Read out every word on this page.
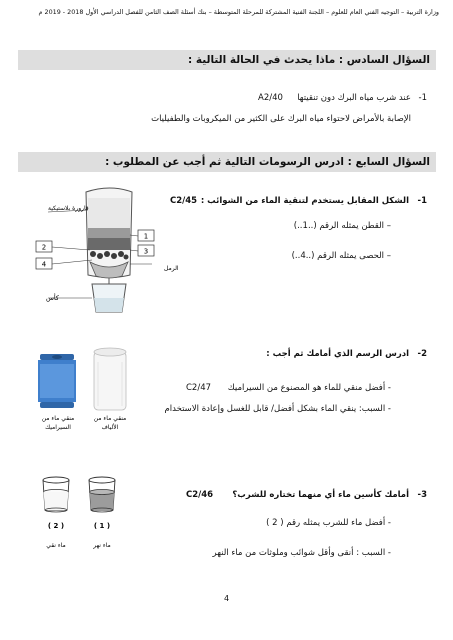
وزارة التربية – التوجيه الفني العام للعلوم – اللجنة الفنية المشتركة للمرحلة المتوسطة – بنك أسئلة الصف الثامن للفصل الدراسي الأول 2018 - 2019 م
السؤال السادس : ماذا يحدث في الحالة التالية :
1-
عند شرب مياه البرك دون تنقيتها
A2/40
الإصابة بالأمراض لاحتواء مياه البرك على الكثير من الميكروبات والطفيليات
السؤال السابع : ادرس الرسومات التالية ثم أجب عن المطلوب :
1-
الشكل المقابل يستخدم لتنقية الماء من الشوائب :
C2/45
– القطن يمثله الرقم (..1..)
– الحصى يمثله الرقم (..4..)
2
4
1
3
قارورة بلاستيكية
الرمل
كأس
2-
ادرس الرسم الذي أمامك ثم أجب :
- أفضل منقي للماء هو المصنوع من السيراميك
C2/47
- السبب: ينقي الماء بشكل أفضل/ قابل للغسل وإعادة الاستخدام
منقي ماء من
السيراميك
منقي ماء من
الألياف
3-
أمامك كأسين ماء أي منهما تختاره للشرب؟
C2/46
- أفضل ماء للشرب يمثله رقم ( 2 )
- السبب : أنقى وأقل شوائب وملوثات من ماء النهر
( 2 )	( 1 )
ماء نقي	ماء نهر
4
